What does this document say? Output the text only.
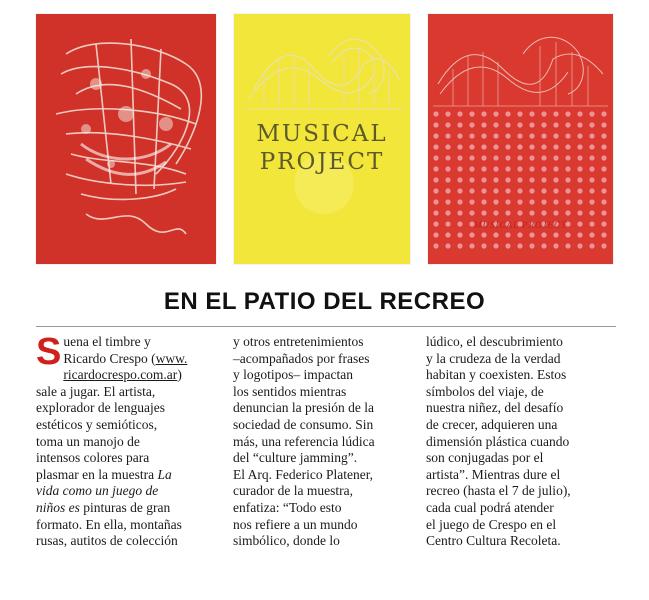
MUSICAL
PROJECT
MUSICAL PROJECT
EN EL PATIO DEL RECREO
S uena el timbre y
Ricardo Crespo (www.
ricardocrespo.com.ar)
sale a jugar. El artista,
explorador de lenguajes
estéticos y semióticos,
toma un manojo de
intensos colores para
plasmar en la muestra La
vida como un juego de
niños es pinturas de gran
formato. En ella, montañas
rusas, autitos de colección
y otros entretenimientos
–acompañados por frases
y logotipos– impactan
los sentidos mientras
denuncian la presión de la
sociedad de consumo. Sin
más, una referencia lúdica
del “culture jamming”.
El Arq. Federico Platener,
curador de la muestra,
enfatiza: “Todo esto
nos refiere a un mundo
simbólico, donde lo
lúdico, el descubrimiento
y la crudeza de la verdad
habitan y coexisten. Estos
símbolos del viaje, de
nuestra niñez, del desafío
de crecer, adquieren una
dimensión plástica cuando
son conjugadas por el
artista”. Mientras dure el
recreo (hasta el 7 de julio),
cada cual podrá atender
el juego de Crespo en el
Centro Cultura Recoleta.
